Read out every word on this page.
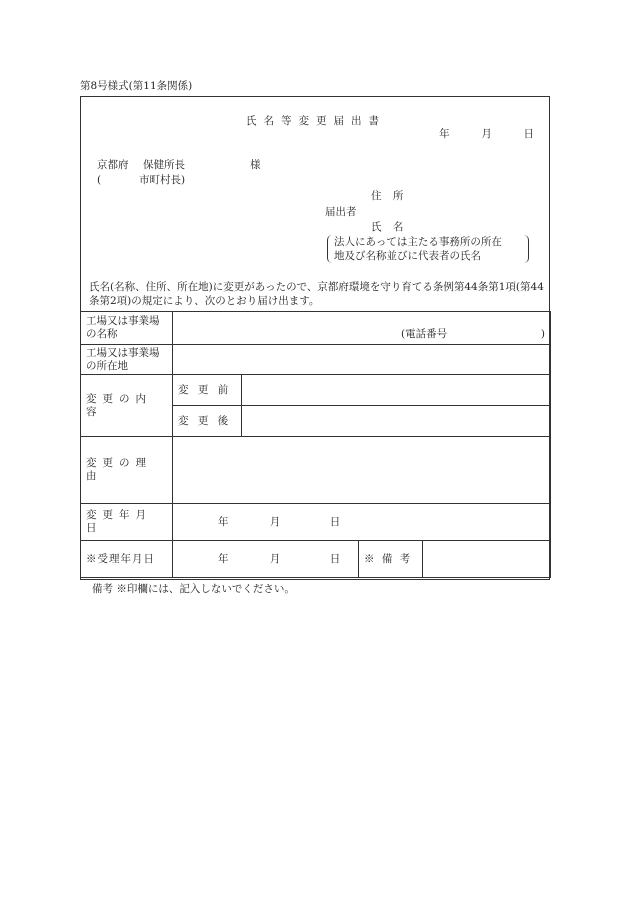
第8号様式(第11条関係)
氏名等変更届出書
年	月	日
京都府 保健所長	様
(	市町村長)
住 所
届出者
氏 名
法人にあっては主たる事務所の所在
地及び名称並びに代表者の氏名
氏名(名称、住所、所在地)に変更があったので、京都府環境を守り育てる条例第44条第1項(第44条第2項)の規定により、次のとおり届け出ます。
工場又は事業場の名称	(電話番号 )			

工場又は事業場の所在地				
変更の内容	変 更 前			
	変 更 後			
変更の理由				
変更年月日	年 月 日			
※受理年月日	年 月 日		※ 備 考	
備考 ※印欄には、記入しないでください。
